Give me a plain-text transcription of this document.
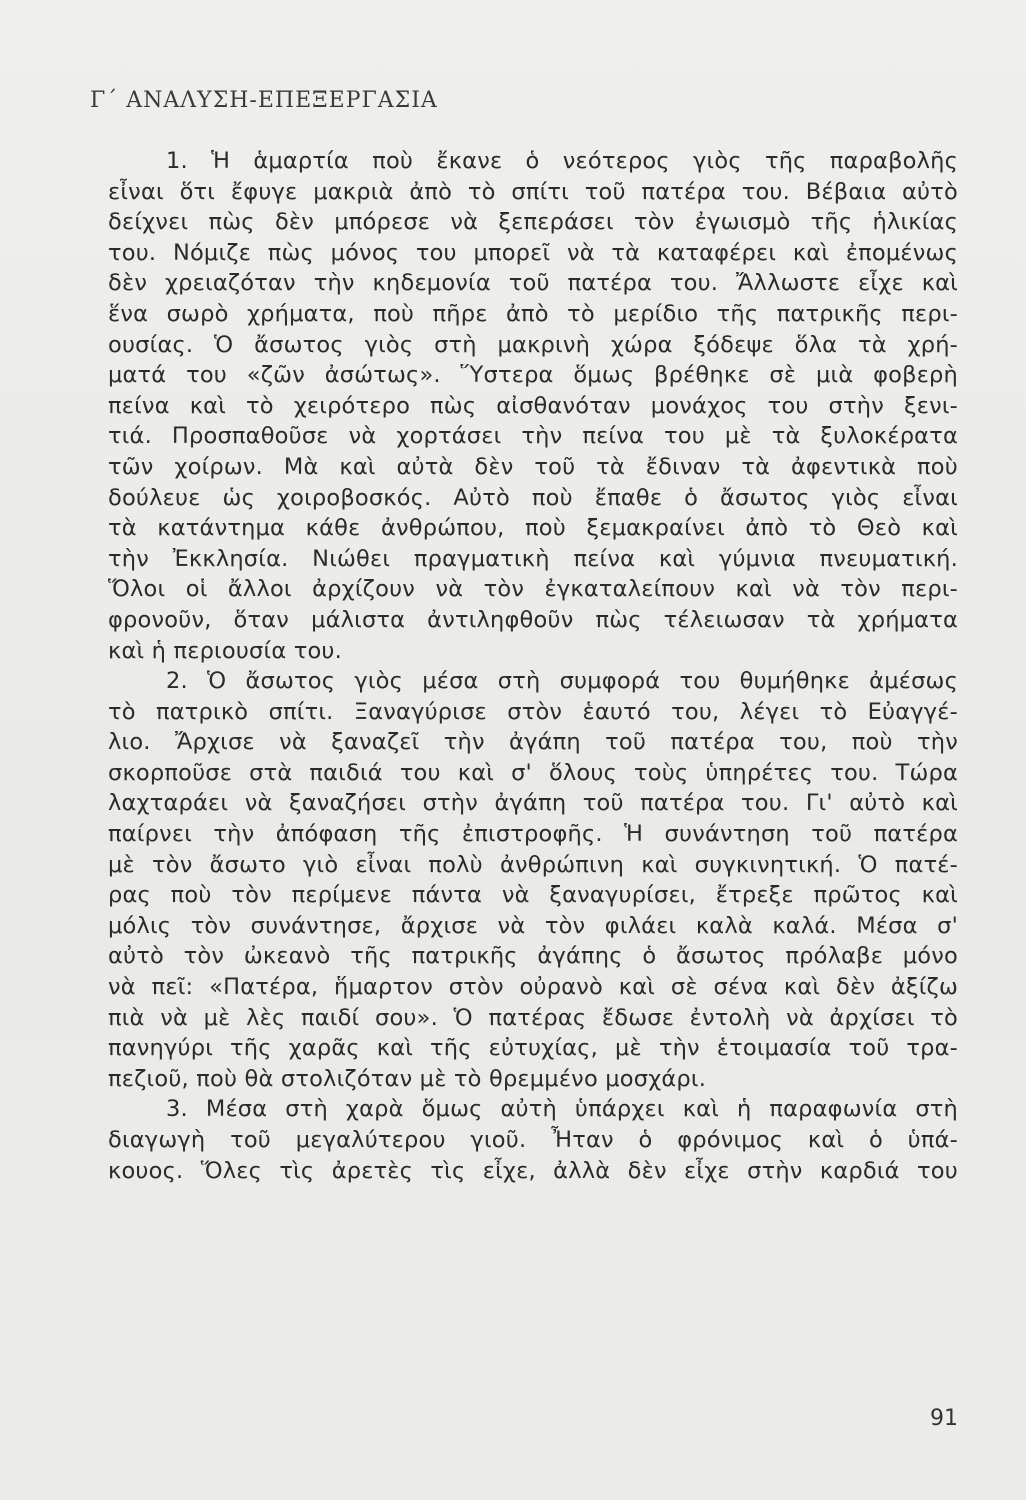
Γ΄ ΑΝΑΛΥΣΗ-ΕΠΕΞΕΡΓΑΣΙΑ
1. Ἡ ἁμαρτία ποὺ ἔκανε ὁ νεότερος γιὸς τῆς παραβολῆς
εἶναι ὅτι ἔφυγε μακριὰ ἀπὸ τὸ σπίτι τοῦ πατέρα του. Βέβαια αὐτὸ
δείχνει πὼς δὲν μπόρεσε νὰ ξεπεράσει τὸν ἐγωισμὸ τῆς ἡλικίας
του. Νόμιζε πὼς μόνος του μπορεῖ νὰ τὰ καταφέρει καὶ ἐπομένως
δὲν χρειαζόταν τὴν κηδεμονία τοῦ πατέρα του. Ἄλλωστε εἶχε καὶ
ἕνα σωρὸ χρήματα, ποὺ πῆρε ἀπὸ τὸ μερίδιο τῆς πατρικῆς περι-
ουσίας. Ὁ ἄσωτος γιὸς στὴ μακρινὴ χώρα ξόδεψε ὅλα τὰ χρή-
ματά του «ζῶν ἀσώτως». Ὕστερα ὅμως βρέθηκε σὲ μιὰ φοβερὴ
πείνα καὶ τὸ χειρότερο πὼς αἰσθανόταν μονάχος του στὴν ξενι-
τιά. Προσπαθοῦσε νὰ χορτάσει τὴν πείνα του μὲ τὰ ξυλοκέρατα
τῶν χοίρων. Μὰ καὶ αὐτὰ δὲν τοῦ τὰ ἔδιναν τὰ ἀφεντικὰ ποὺ
δούλευε ὡς χοιροβοσκός. Αὐτὸ ποὺ ἔπαθε ὁ ἄσωτος γιὸς εἶναι
τὰ κατάντημα κάθε ἀνθρώπου, ποὺ ξεμακραίνει ἀπὸ τὸ Θεὸ καὶ
τὴν Ἐκκλησία. Νιώθει πραγματικὴ πείνα καὶ γύμνια πνευματική.
Ὅλοι οἱ ἄλλοι ἀρχίζουν νὰ τὸν ἐγκαταλείπουν καὶ νὰ τὸν περι-
φρονοῦν, ὅταν μάλιστα ἀντιληφθοῦν πὼς τέλειωσαν τὰ χρήματα
καὶ ἡ περιουσία του.
2. Ὁ ἄσωτος γιὸς μέσα στὴ συμφορά του θυμήθηκε ἀμέσως
τὸ πατρικὸ σπίτι. Ξαναγύρισε στὸν ἑαυτό του, λέγει τὸ Εὐαγγέ-
λιο. Ἄρχισε νὰ ξαναζεῖ τὴν ἀγάπη τοῦ πατέρα του, ποὺ τὴν
σκορποῦσε στὰ παιδιά του καὶ σ' ὅλους τοὺς ὑπηρέτες του. Τώρα
λαχταράει νὰ ξαναζήσει στὴν ἀγάπη τοῦ πατέρα του. Γι' αὐτὸ καὶ
παίρνει τὴν ἀπόφαση τῆς ἐπιστροφῆς. Ἡ συνάντηση τοῦ πατέρα
μὲ τὸν ἄσωτο γιὸ εἶναι πολὺ ἀνθρώπινη καὶ συγκινητική. Ὁ πατέ-
ρας ποὺ τὸν περίμενε πάντα νὰ ξαναγυρίσει, ἔτρεξε πρῶτος καὶ
μόλις τὸν συνάντησε, ἄρχισε νὰ τὸν φιλάει καλὰ καλά. Μέσα σ'
αὐτὸ τὸν ὠκεανὸ τῆς πατρικῆς ἀγάπης ὁ ἄσωτος πρόλαβε μόνο
νὰ πεῖ: «Πατέρα, ἥμαρτον στὸν οὐρανὸ καὶ σὲ σένα καὶ δὲν ἀξίζω
πιὰ νὰ μὲ λὲς παιδί σου». Ὁ πατέρας ἔδωσε ἐντολὴ νὰ ἀρχίσει τὸ
πανηγύρι τῆς χαρᾶς καὶ τῆς εὐτυχίας, μὲ τὴν ἑτοιμασία τοῦ τρα-
πεζιοῦ, ποὺ θὰ στολιζόταν μὲ τὸ θρεμμένο μοσχάρι.
3. Μέσα στὴ χαρὰ ὅμως αὐτὴ ὑπάρχει καὶ ἡ παραφωνία στὴ
διαγωγὴ τοῦ μεγαλύτερου γιοῦ. Ἦταν ὁ φρόνιμος καὶ ὁ ὑπά-
κουος. Ὅλες τὶς ἀρετὲς τὶς εἶχε, ἀλλὰ δὲν εἶχε στὴν καρδιά του
91
